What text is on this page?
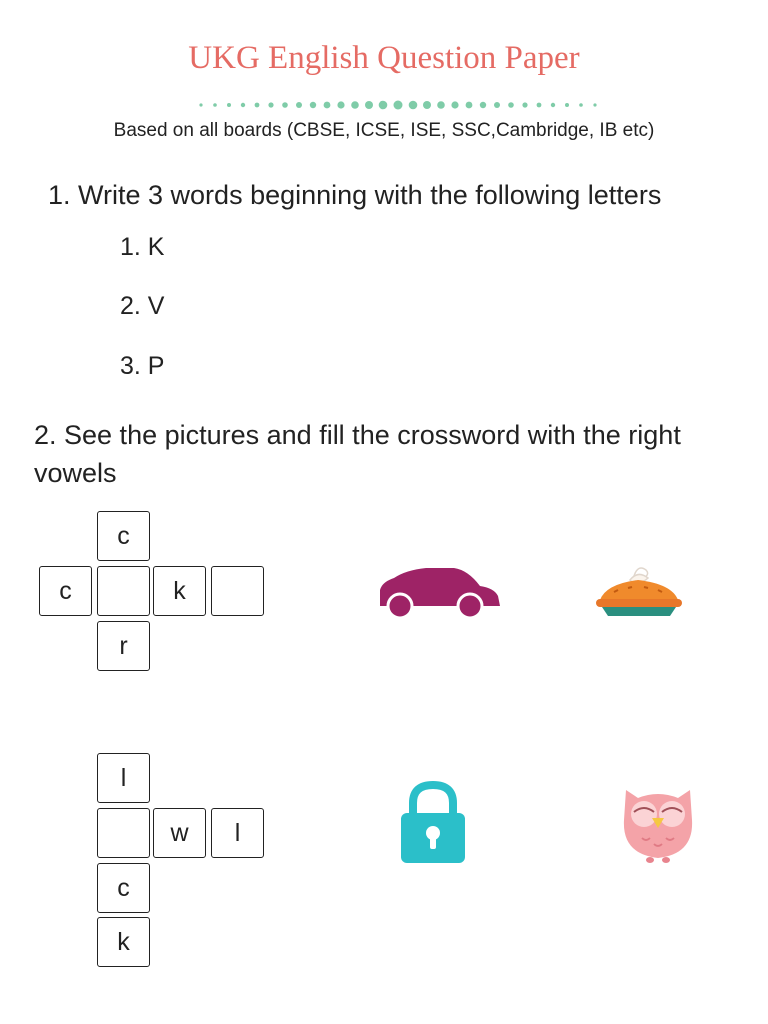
UKG English Question Paper
Based on all boards (CBSE, ICSE, ISE, SSC,Cambridge, IB etc)
1. Write 3 words beginning with the following letters
1. K
2. V
3. P
2. See the pictures and fill the crossword with the right vowels
c
c	k
r
l
w	l
c
k
